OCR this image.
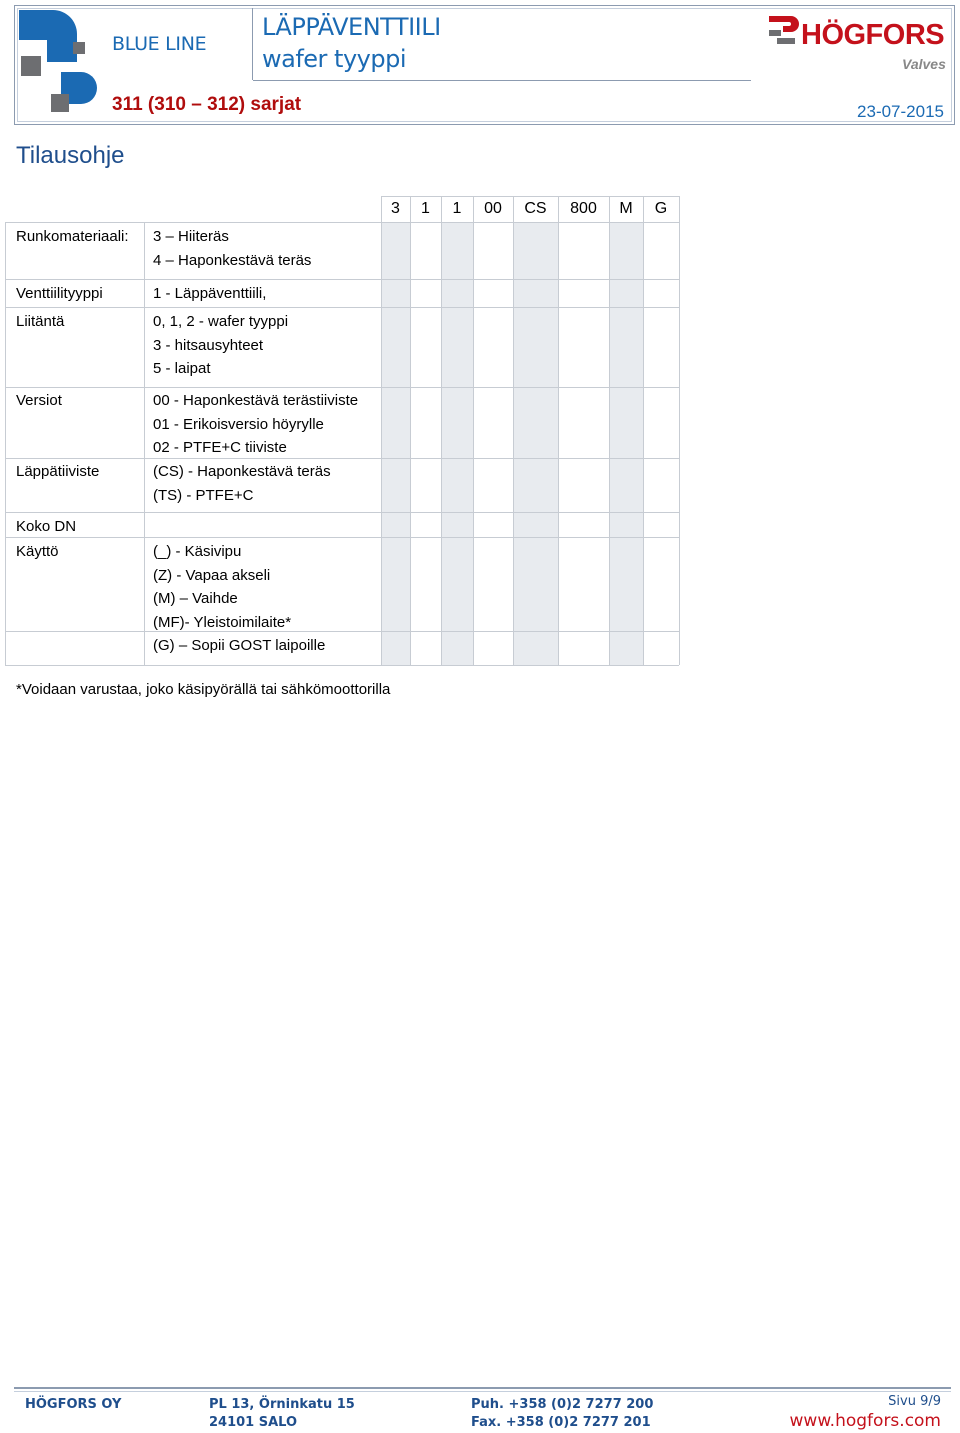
BLUE LINE
LÄPPÄVENTTIILI
wafer tyyppi
311 (310 – 312) sarjat	23-07-2015
HÖGFORS
Valves
Tilausohje
3	1	1	00	CS	800	M	G
Runkomateriaali: 3 – Hiiteräs
4 – Haponkestävä teräs
Venttiilityyppi	1 - Läppäventtiili,
Liitäntä	0, 1, 2 - wafer tyyppi
3 - hitsausyhteet
5 - laipat
Versiot	00 - Haponkestävä terästiiviste
01 - Erikoisversio höyrylle
02 - PTFE+C tiiviste
Läppätiiviste	(CS) - Haponkestävä teräs
(TS) - PTFE+C
Koko DN
Käyttö	(_) - Käsivipu
(Z) - Vapaa akseli
(M) – Vaihde
(MF)- Yleistoimilaite*
(G) – Sopii GOST laipoille
*Voidaan varustaa, joko käsipyörällä tai sähkömoottorilla
HÖGFORS OY	PL 13, Örninkatu 15
24101 SALO
Puh. +358 (0)2 7277 200
Fax. +358 (0)2 7277 201
Sivu 9/9
www.hogfors.com
